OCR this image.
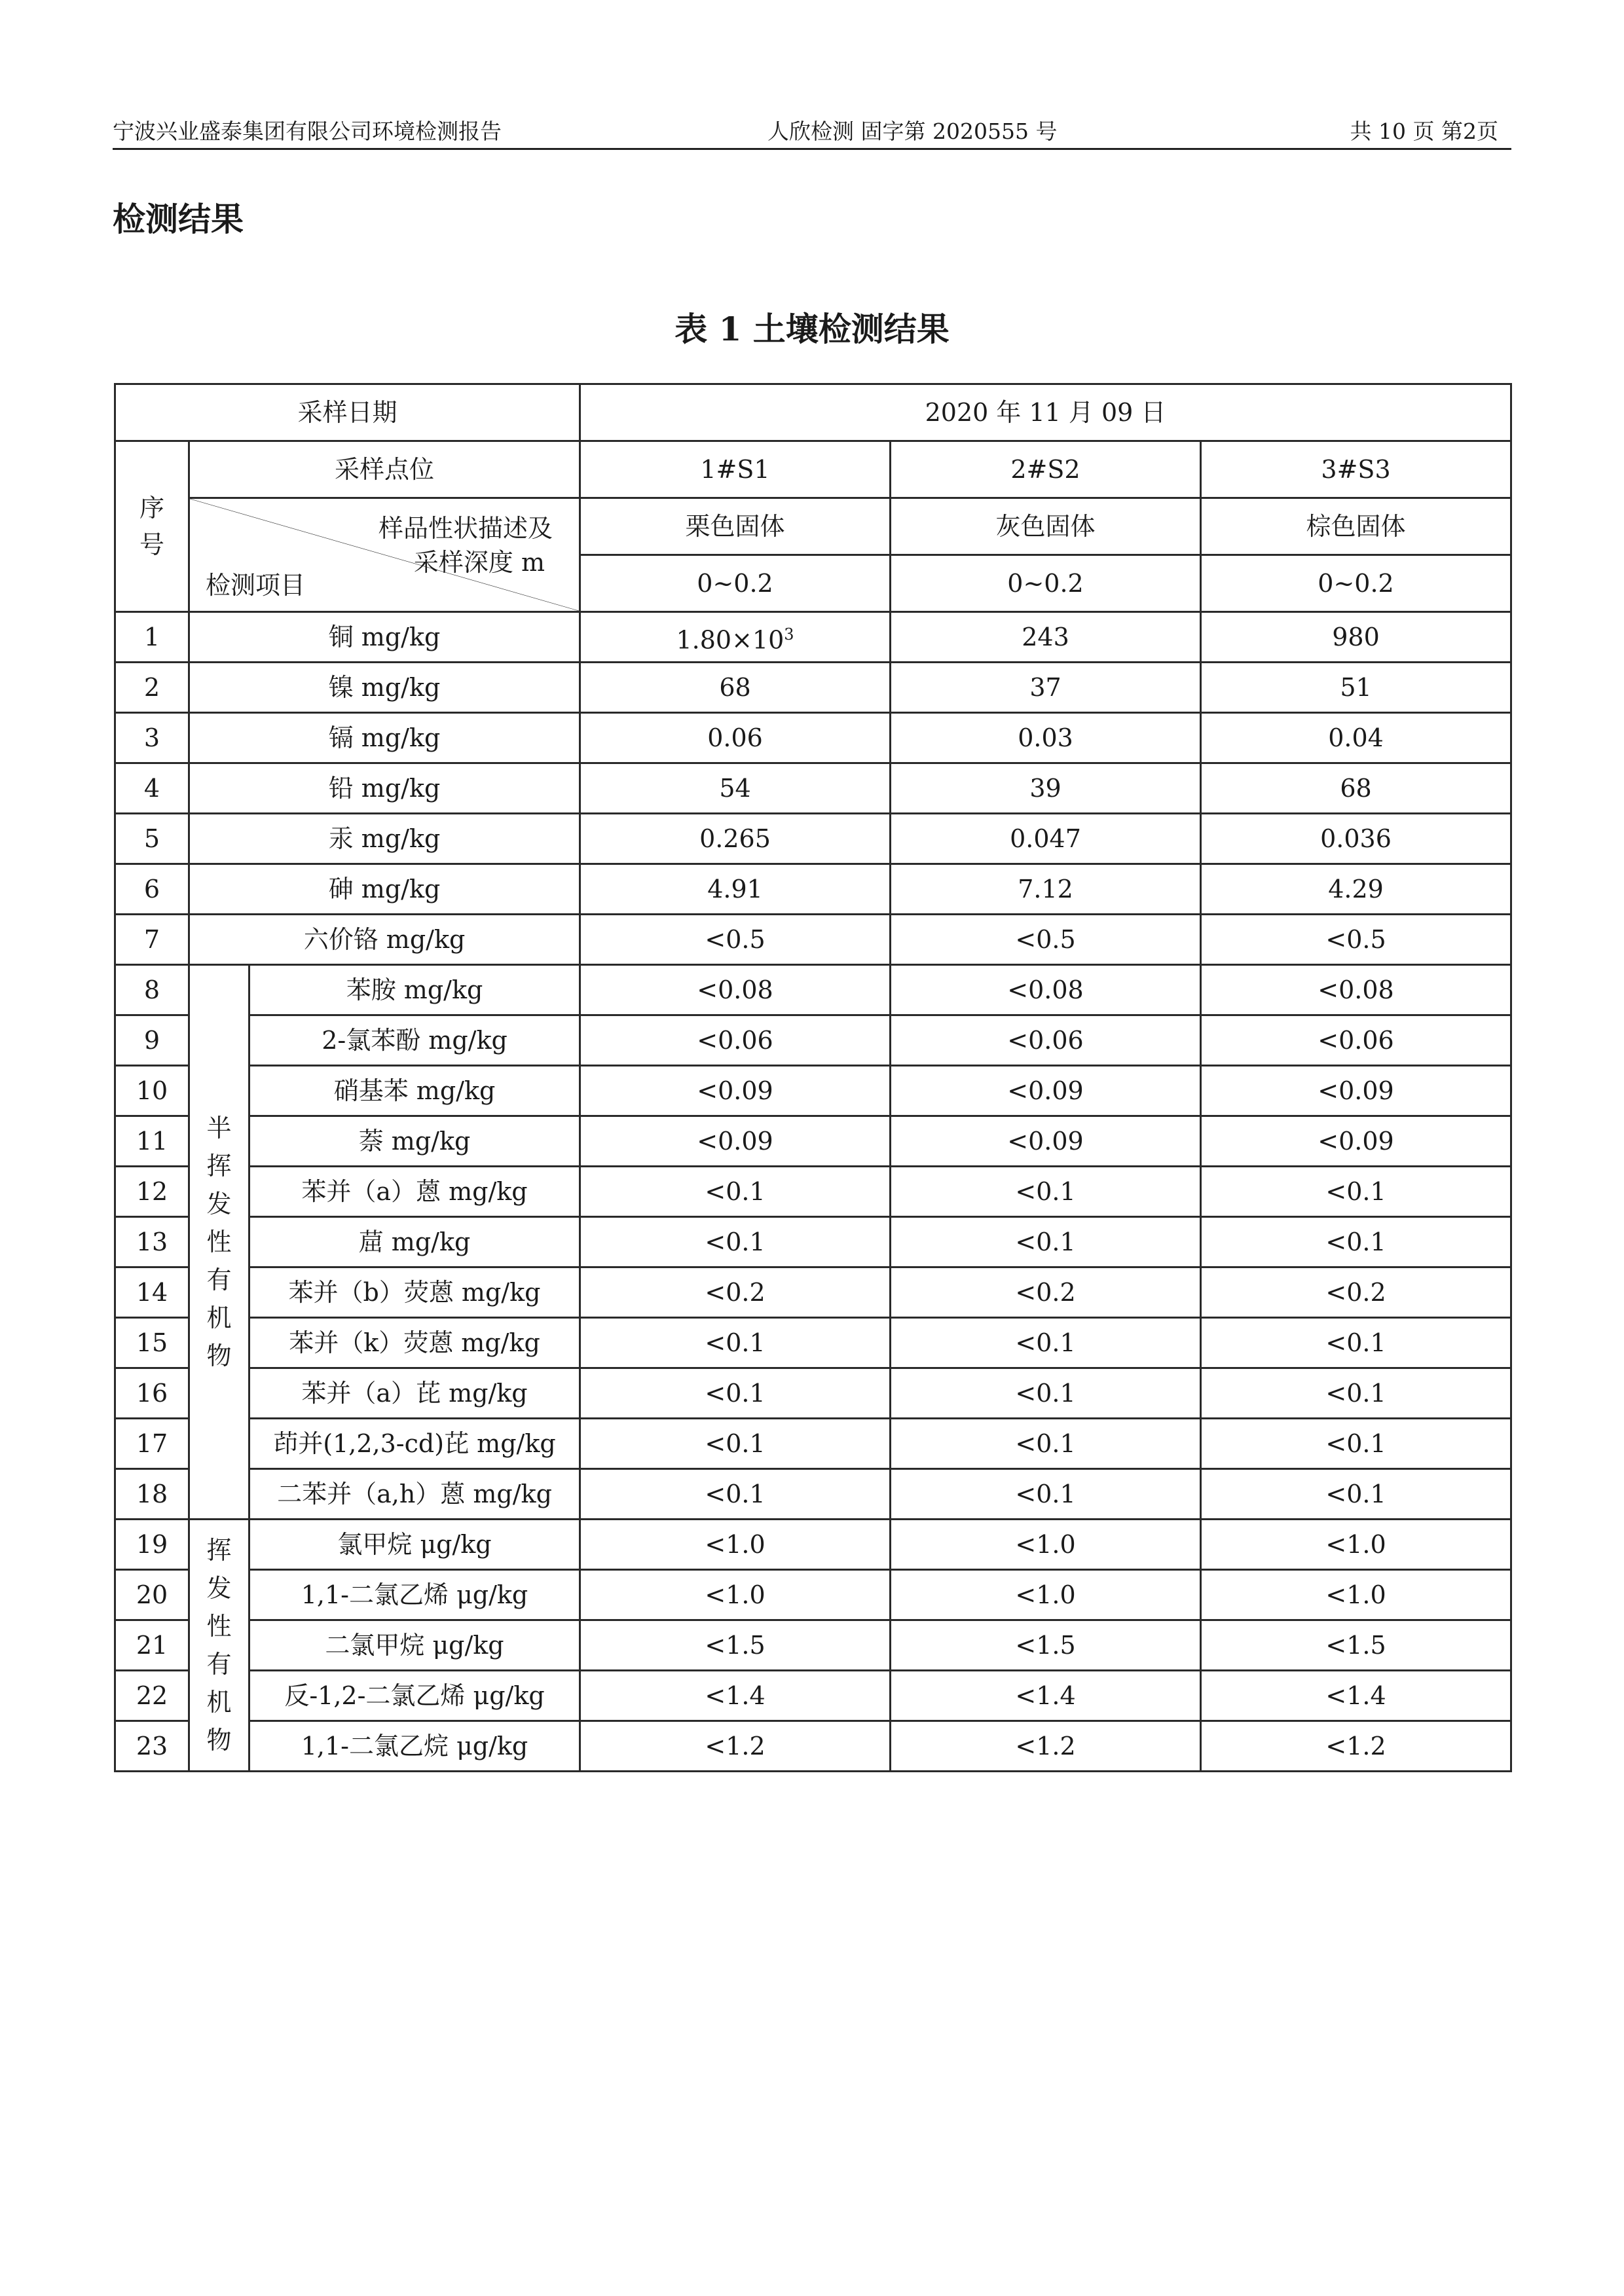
宁波兴业盛泰集团有限公司环境检测报告	人欣检测 固字第 2020555 号	共 10 页 第2页
检测结果
表 1 土壤检测结果
采样日期			2020 年 11 月 09 日		
序号	采样点位		1#S1	2#S2	3#S3

	样品性状描述及
采样深度 m
检测项目		栗色固体	灰色固体	棕色固体
			0~0.2	0~0.2	0~0.2
1	铜 mg/kg		$1.80\times 10^3$	243	980
2	镍 mg/kg		68	37	51
3	镉 mg/kg		0.06	0.03	0.04
4	铅 mg/kg		54	39	68
5	汞 mg/kg		0.265	0.047	0.036
6	砷 mg/kg		4.91	7.12	4.29
7	六价铬 mg/kg		<0.5	<0.5	<0.5
8	半挥发性有机物	苯胺 mg/kg	<0.08	<0.08	<0.08
9		2-氯苯酚 mg/kg	<0.06	<0.06	<0.06
10		硝基苯 mg/kg	<0.09	<0.09	<0.09
11		萘 mg/kg	<0.09	<0.09	<0.09
12		苯并（a）蒽 mg/kg	<0.1	<0.1	<0.1
13		䓛 mg/kg	<0.1	<0.1	<0.1
14		苯并（b）荧蒽 mg/kg	<0.2	<0.2	<0.2
15		苯并（k）荧蒽 mg/kg	<0.1	<0.1	<0.1
16		苯并（a）芘 mg/kg	<0.1	<0.1	<0.1
17		茚并(1,2,3-cd)芘 mg/kg	<0.1	<0.1	<0.1
18		二苯并（a,h）蒽 mg/kg	<0.1	<0.1	<0.1
19	挥发性有机物	氯甲烷 μg/kg	<1.0	<1.0	<1.0
20		1,1-二氯乙烯 μg/kg	<1.0	<1.0	<1.0
21		二氯甲烷 μg/kg	<1.5	<1.5	<1.5
22		反-1,2-二氯乙烯 μg/kg	<1.4	<1.4	<1.4
23		1,1-二氯乙烷 μg/kg	<1.2	<1.2	<1.2
